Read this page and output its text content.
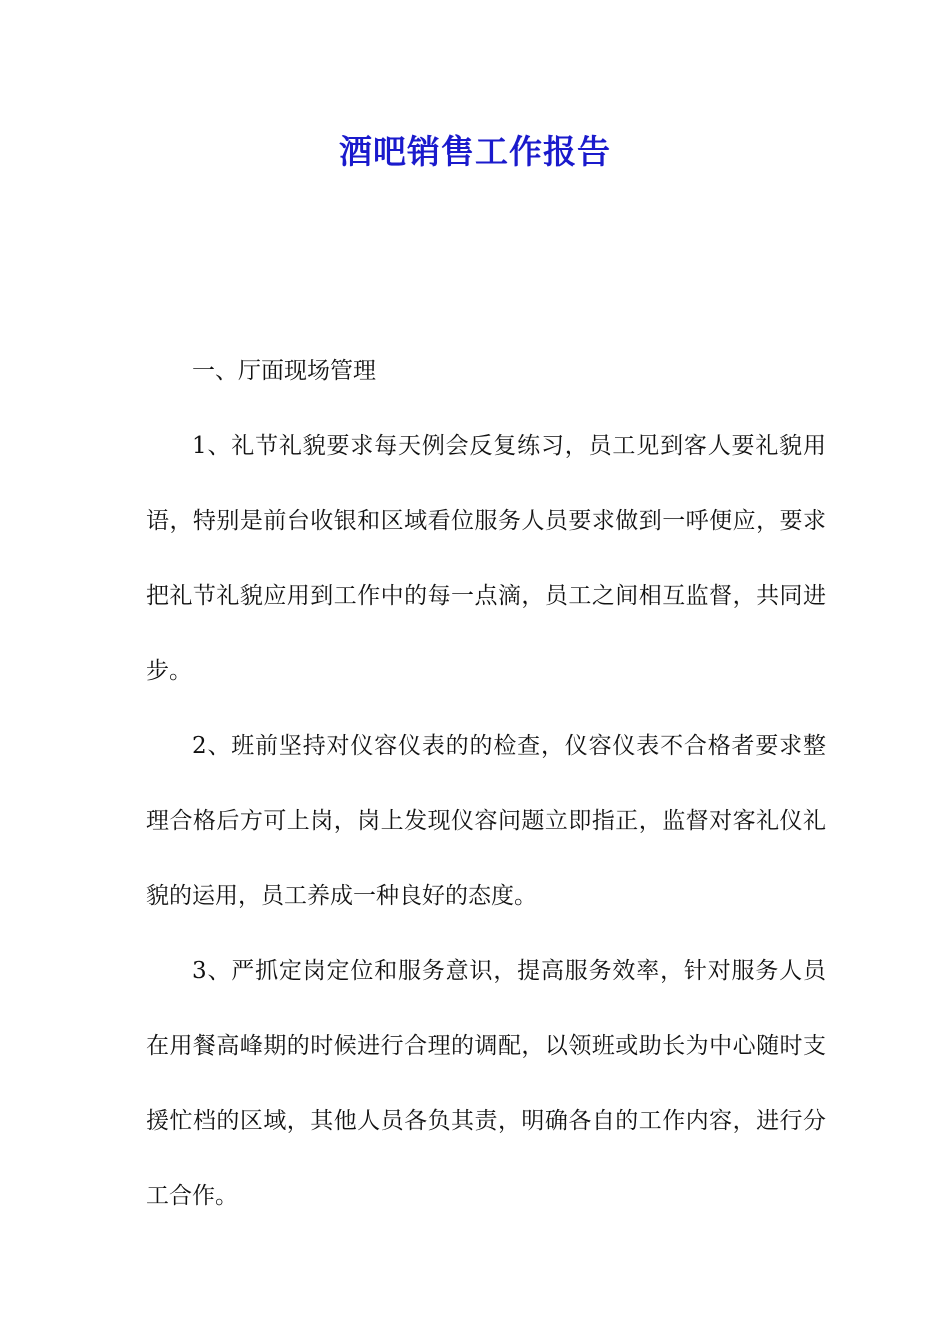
酒吧销售工作报告

一、厅面现场管理

1、礼节礼貌要求每天例会反复练习，员工见到客人要礼貌用语，特别是前台收银和区域看位服务人员要求做到一呼便应，要求把礼节礼貌应用到工作中的每一点滴，员工之间相互监督，共同进步。

2、班前坚持对仪容仪表的的检查，仪容仪表不合格者要求整理合格后方可上岗，岗上发现仪容问题立即指正，监督对客礼仪礼貌的运用，员工养成一种良好的态度。

3、严抓定岗定位和服务意识，提高服务效率，针对服务人员在用餐高峰期的时候进行合理的调配，以领班或助长为中心随时支援忙档的区域，其他人员各负其责，明确各自的工作内容，进行分工合作。
